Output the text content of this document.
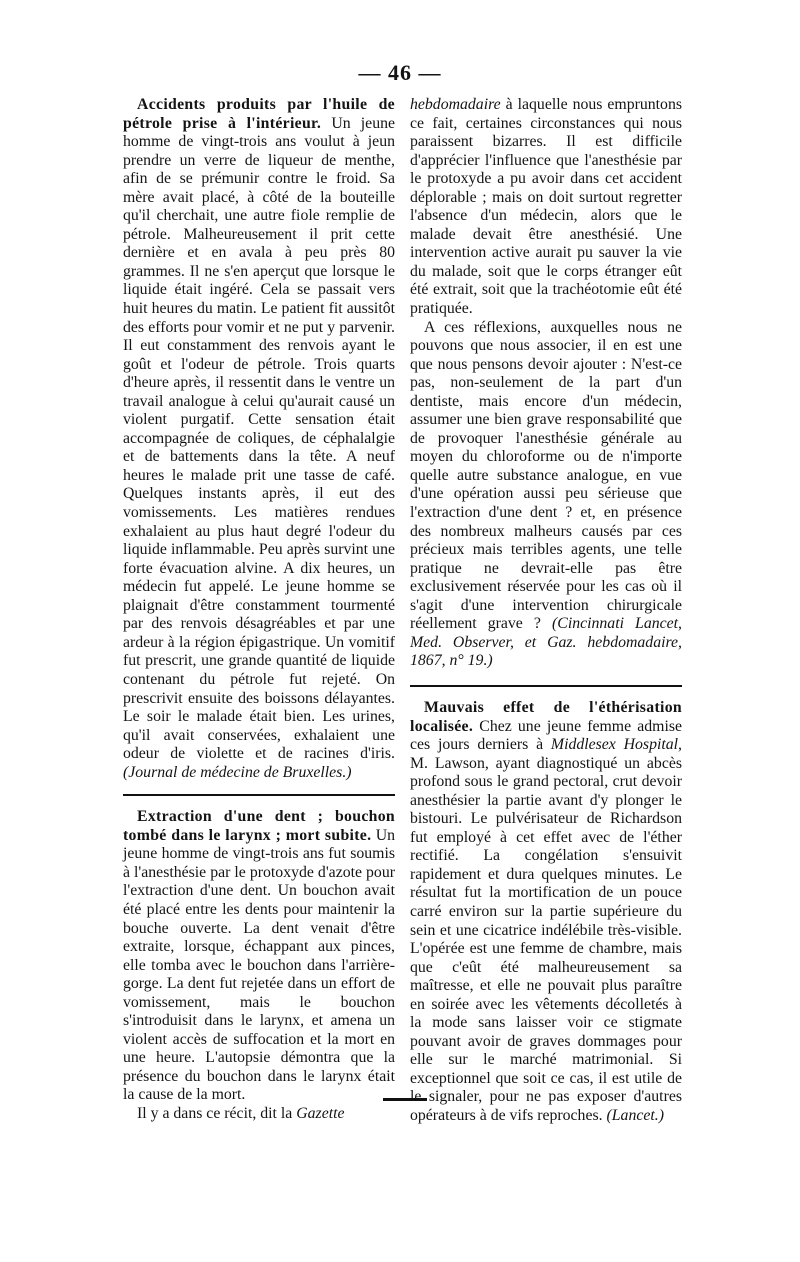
— 46 —

Accidents produits par l'huile de pétrole prise à l'intérieur. Un jeune homme de vingt-trois ans voulut à jeun prendre un verre de liqueur de menthe, afin de se prémunir contre le froid. Sa mère avait placé, à côté de la bouteille qu'il cherchait, une autre fiole remplie de pétrole. Malheureusement il prit cette dernière et en avala à peu près 80 grammes. Il ne s'en aperçut que lorsque le liquide était ingéré. Cela se passait vers huit heures du matin. Le patient fit aussitôt des efforts pour vomir et ne put y parvenir. Il eut constamment des renvois ayant le goût et l'odeur de pétrole. Trois quarts d'heure après, il ressentit dans le ventre un travail analogue à celui qu'aurait causé un violent purgatif. Cette sensation était accompagnée de coliques, de céphalalgie et de battements dans la tête. A neuf heures le malade prit une tasse de café. Quelques instants après, il eut des vomissements. Les matières rendues exhalaient au plus haut degré l'odeur du liquide inflammable. Peu après survint une forte évacuation alvine. A dix heures, un médecin fut appelé. Le jeune homme se plaignait d'être constamment tourmenté par des renvois désagréables et par une ardeur à la région épigastrique. Un vomitif fut prescrit, une grande quantité de liquide contenant du pétrole fut rejeté. On prescrivit ensuite des boissons délayantes. Le soir le malade était bien. Les urines, qu'il avait conservées, exhalaient une odeur de violette et de racines d'iris. (Journal de médecine de Bruxelles.)

Extraction d'une dent ; bouchon tombé dans le larynx ; mort subite. Un jeune homme de vingt-trois ans fut soumis à l'anesthésie par le protoxyde d'azote pour l'extraction d'une dent. Un bouchon avait été placé entre les dents pour maintenir la bouche ouverte. La dent venait d'être extraite, lorsque, échappant aux pinces, elle tomba avec le bouchon dans l'arrière-gorge. La dent fut rejetée dans un effort de vomissement, mais le bouchon s'introduisit dans le larynx, et amena un violent accès de suffocation et la mort en une heure. L'autopsie démontra que la présence du bouchon dans le larynx était la cause de la mort.

Il y a dans ce récit, dit la Gazette

hebdomadaire à laquelle nous empruntons ce fait, certaines circonstances qui nous paraissent bizarres. Il est difficile d'apprécier l'influence que l'anesthésie par le protoxyde a pu avoir dans cet accident déplorable ; mais on doit surtout regretter l'absence d'un médecin, alors que le malade devait être anesthésié. Une intervention active aurait pu sauver la vie du malade, soit que le corps étranger eût été extrait, soit que la trachéotomie eût été pratiquée.

A ces réflexions, auxquelles nous ne pouvons que nous associer, il en est une que nous pensons devoir ajouter : N'est-ce pas, non-seulement de la part d'un dentiste, mais encore d'un médecin, assumer une bien grave responsabilité que de provoquer l'anesthésie générale au moyen du chloroforme ou de n'importe quelle autre substance analogue, en vue d'une opération aussi peu sérieuse que l'extraction d'une dent ? et, en présence des nombreux malheurs causés par ces précieux mais terribles agents, une telle pratique ne devrait-elle pas être exclusivement réservée pour les cas où il s'agit d'une intervention chirurgicale réellement grave ? (Cincinnati Lancet, Med. Observer, et Gaz. hebdomadaire, 1867, n° 19.)

Mauvais effet de l'éthérisation localisée. Chez une jeune femme admise ces jours derniers à Middlesex Hospital, M. Lawson, ayant diagnostiqué un abcès profond sous le grand pectoral, crut devoir anesthésier la partie avant d'y plonger le bistouri. Le pulvérisateur de Richardson fut employé à cet effet avec de l'éther rectifié. La congélation s'ensuivit rapidement et dura quelques minutes. Le résultat fut la mortification de un pouce carré environ sur la partie supérieure du sein et une cicatrice indélébile très-visible. L'opérée est une femme de chambre, mais que c'eût été malheureusement sa maîtresse, et elle ne pouvait plus paraître en soirée avec les vêtements décolletés à la mode sans laisser voir ce stigmate pouvant avoir de graves dommages pour elle sur le marché matrimonial. Si exceptionnel que soit ce cas, il est utile de le signaler, pour ne pas exposer d'autres opérateurs à de vifs reproches. (Lancet.)
